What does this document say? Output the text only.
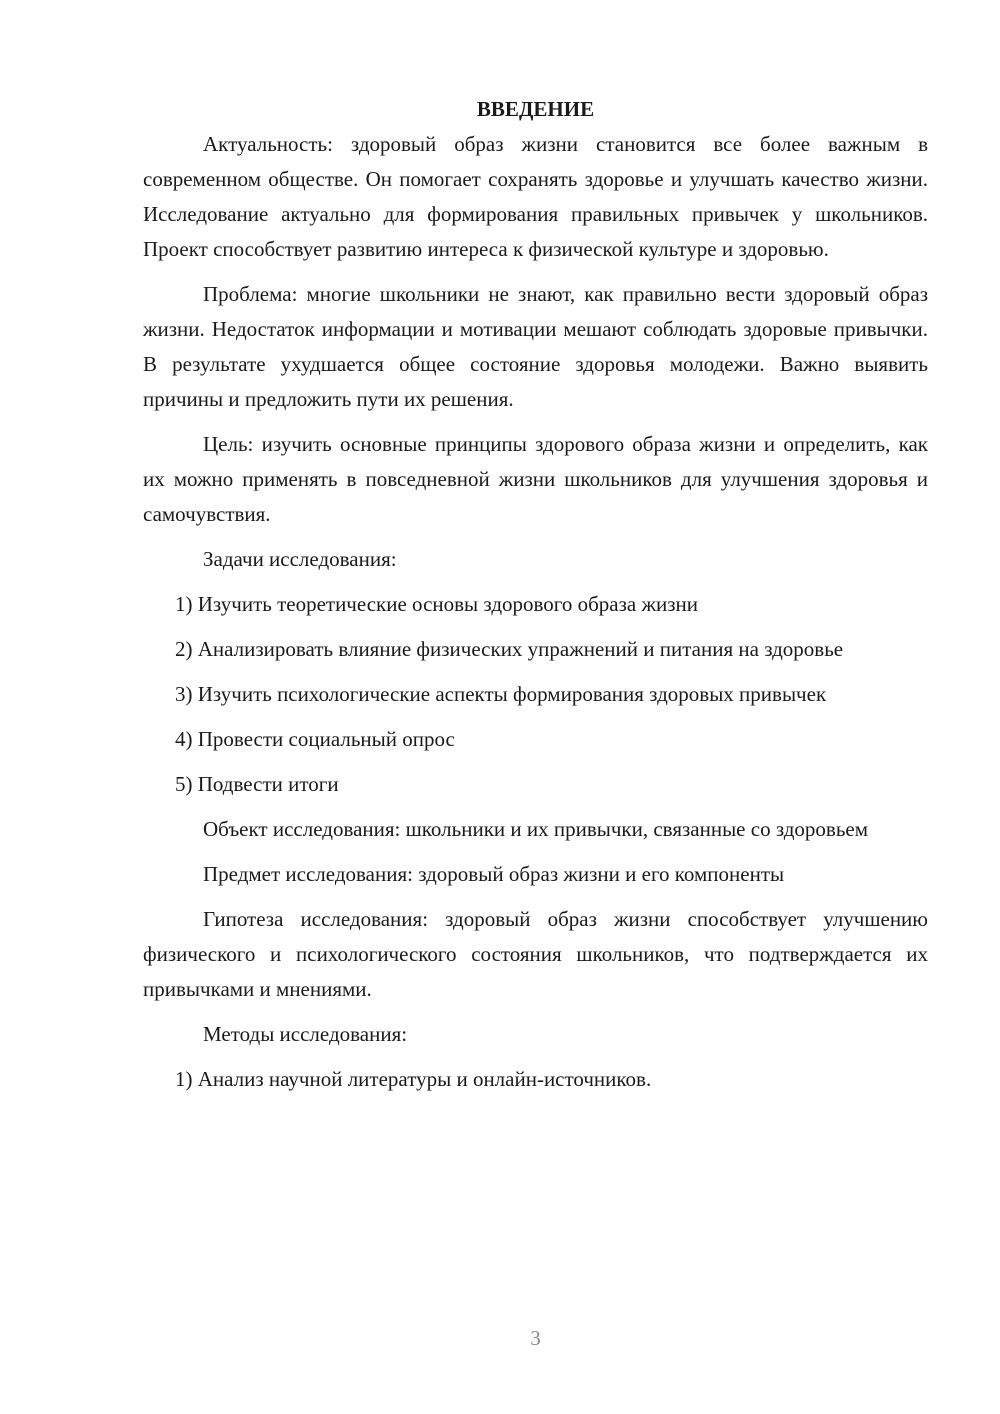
ВВЕДЕНИЕ

Актуальность: здоровый образ жизни становится все более важным в современном обществе. Он помогает сохранять здоровье и улучшать качество жизни. Исследование актуально для формирования правильных привычек у школьников. Проект способствует развитию интереса к физической культуре и здоровью.

Проблема: многие школьники не знают, как правильно вести здоровый образ жизни. Недостаток информации и мотивации мешают соблюдать здоровые привычки. В результате ухудшается общее состояние здоровья молодежи. Важно выявить причины и предложить пути их решения.

Цель: изучить основные принципы здорового образа жизни и определить, как их можно применять в повседневной жизни школьников для улучшения здоровья и самочувствия.

Задачи исследования:

1) Изучить теоретические основы здорового образа жизни

2) Анализировать влияние физических упражнений и питания на здоровье

3) Изучить психологические аспекты формирования здоровых привычек

4) Провести социальный опрос

5) Подвести итоги

Объект исследования: школьники и их привычки, связанные со здоровьем

Предмет исследования: здоровый образ жизни и его компоненты

Гипотеза исследования: здоровый образ жизни способствует улучшению физического и психологического состояния школьников, что подтверждается их привычками и мнениями.

Методы исследования:

1) Анализ научной литературы и онлайн-источников.

3
